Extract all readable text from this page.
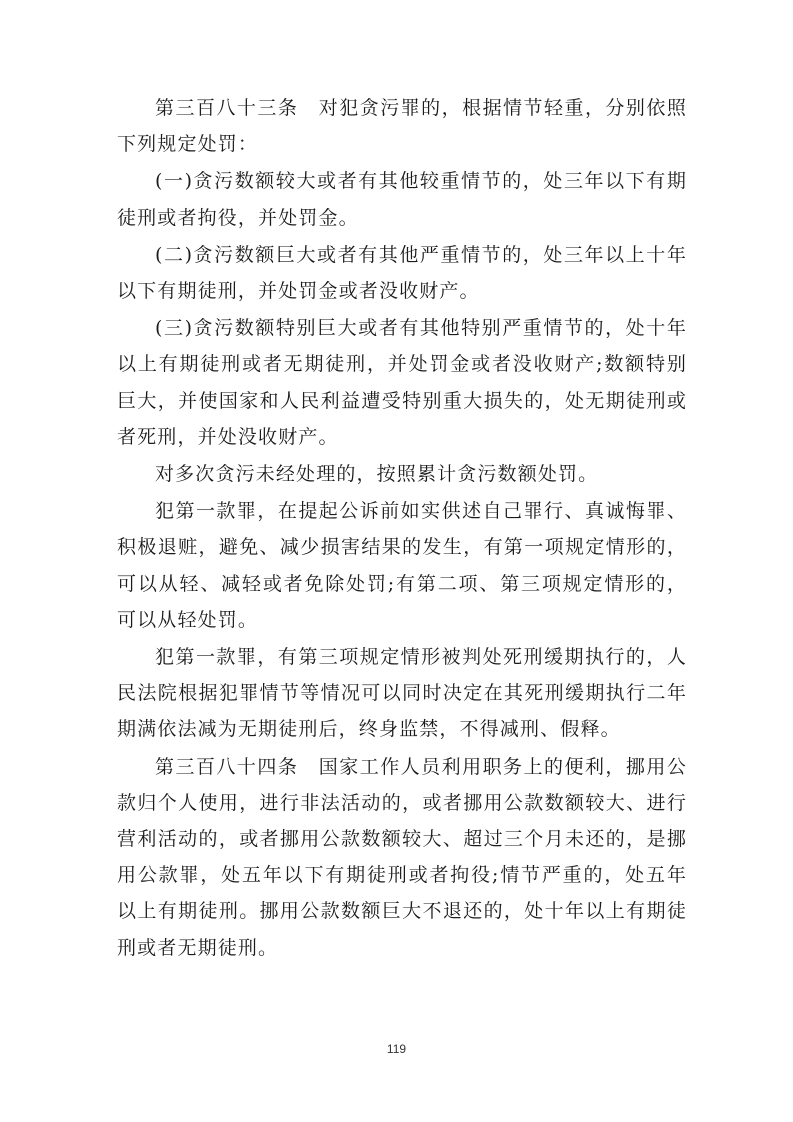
第三百八十三条　对犯贪污罪的，根据情节轻重，分别依照下列规定处罚：

(一)贪污数额较大或者有其他较重情节的，处三年以下有期徒刑或者拘役，并处罚金。

(二)贪污数额巨大或者有其他严重情节的，处三年以上十年以下有期徒刑，并处罚金或者没收财产。

(三)贪污数额特别巨大或者有其他特别严重情节的，处十年以上有期徒刑或者无期徒刑，并处罚金或者没收财产;数额特别巨大，并使国家和人民利益遭受特别重大损失的，处无期徒刑或者死刑，并处没收财产。

对多次贪污未经处理的，按照累计贪污数额处罚。

犯第一款罪，在提起公诉前如实供述自己罪行、真诚悔罪、积极退赃，避免、减少损害结果的发生，有第一项规定情形的，可以从轻、减轻或者免除处罚;有第二项、第三项规定情形的，可以从轻处罚。

犯第一款罪，有第三项规定情形被判处死刑缓期执行的，人民法院根据犯罪情节等情况可以同时决定在其死刑缓期执行二年期满依法减为无期徒刑后，终身监禁，不得减刑、假释。

第三百八十四条　国家工作人员利用职务上的便利，挪用公款归个人使用，进行非法活动的，或者挪用公款数额较大、进行营利活动的，或者挪用公款数额较大、超过三个月未还的，是挪用公款罪，处五年以下有期徒刑或者拘役;情节严重的，处五年以上有期徒刑。挪用公款数额巨大不退还的，处十年以上有期徒刑或者无期徒刑。

119
